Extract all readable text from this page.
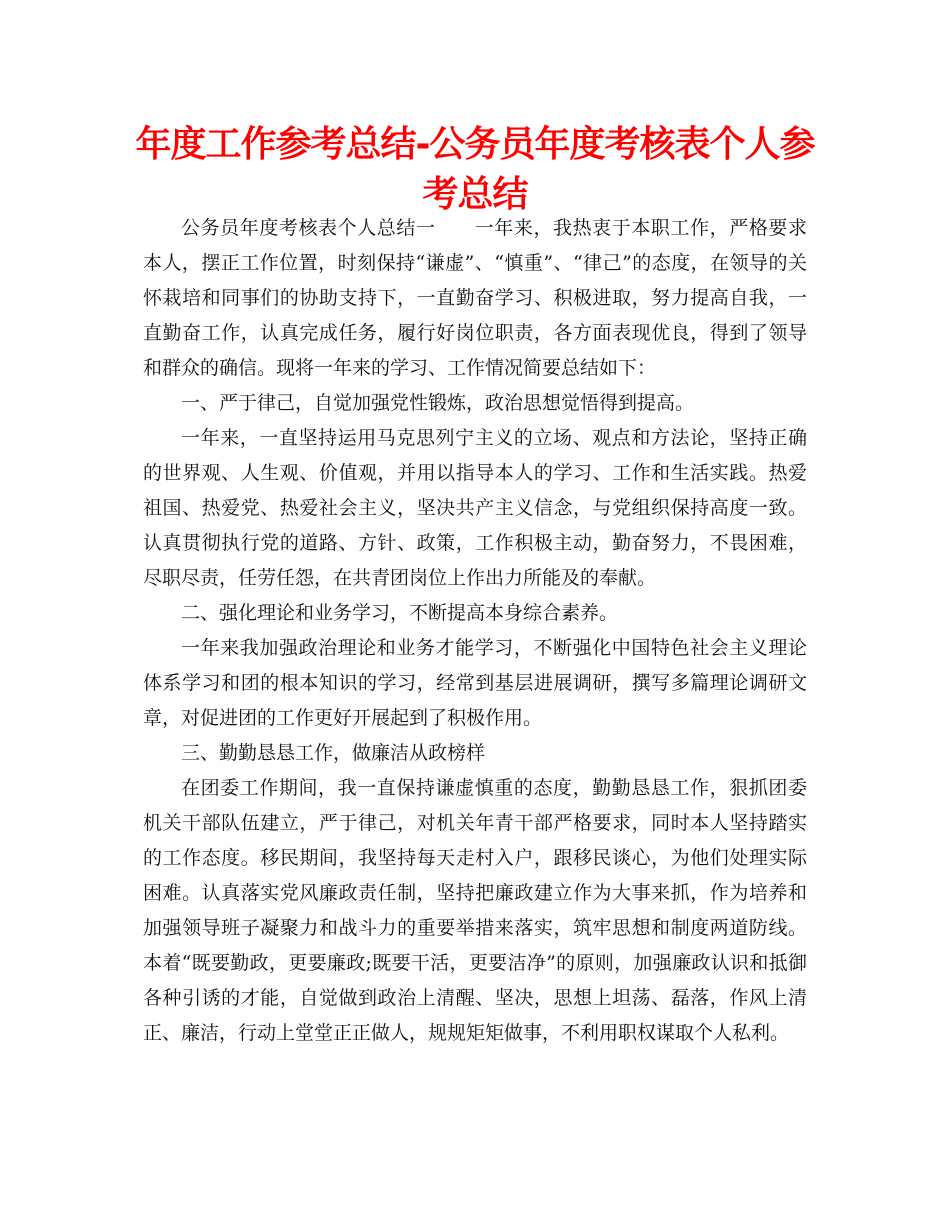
年度工作参考总结-公务员年度考核表个人参考总结

公务员年度考核表个人总结一　　一年来，我热衷于本职工作，严格要求本人，摆正工作位置，时刻保持“谦虚”、“慎重”、“律己”的态度，在领导的关怀栽培和同事们的协助支持下，一直勤奋学习、积极进取，努力提高自我，一直勤奋工作，认真完成任务，履行好岗位职责，各方面表现优良，得到了领导和群众的确信。现将一年来的学习、工作情况简要总结如下：

一、严于律己，自觉加强党性锻炼，政治思想觉悟得到提高。

一年来，一直坚持运用马克思列宁主义的立场、观点和方法论，坚持正确的世界观、人生观、价值观，并用以指导本人的学习、工作和生活实践。热爱祖国、热爱党、热爱社会主义，坚决共产主义信念，与党组织保持高度一致。认真贯彻执行党的道路、方针、政策，工作积极主动，勤奋努力，不畏困难，尽职尽责，任劳任怨，在共青团岗位上作出力所能及的奉献。

二、强化理论和业务学习，不断提高本身综合素养。

一年来我加强政治理论和业务才能学习，不断强化中国特色社会主义理论体系学习和团的根本知识的学习，经常到基层进展调研，撰写多篇理论调研文章，对促进团的工作更好开展起到了积极作用。

三、勤勤恳恳工作，做廉洁从政榜样

在团委工作期间，我一直保持谦虚慎重的态度，勤勤恳恳工作，狠抓团委机关干部队伍建立，严于律己，对机关年青干部严格要求，同时本人坚持踏实的工作态度。移民期间，我坚持每天走村入户，跟移民谈心，为他们处理实际困难。认真落实党风廉政责任制，坚持把廉政建立作为大事来抓，作为培养和加强领导班子凝聚力和战斗力的重要举措来落实，筑牢思想和制度两道防线。本着“既要勤政，更要廉政;既要干活，更要洁净”的原则，加强廉政认识和抵御各种引诱的才能，自觉做到政治上清醒、坚决，思想上坦荡、磊落，作风上清正、廉洁，行动上堂堂正正做人，规规矩矩做事，不利用职权谋取个人私利。
